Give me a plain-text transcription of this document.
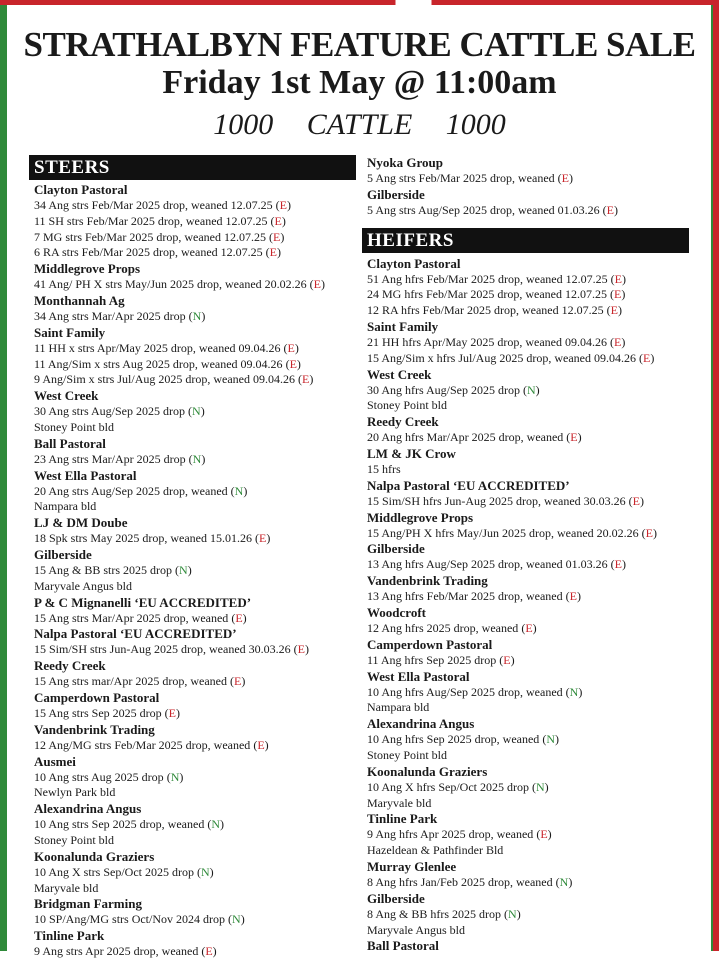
STRATHALBYN FEATURE CATTLE SALE
Friday 1st May @ 11:00am
1000 CATTLE 1000
STEERS
Clayton Pastoral
34 Ang strs Feb/Mar 2025 drop, weaned 12.07.25 (E)
11 SH strs Feb/Mar 2025 drop, weaned 12.07.25 (E)
7 MG strs Feb/Mar 2025 drop, weaned 12.07.25 (E)
6 RA strs Feb/Mar 2025 drop, weaned 12.07.25 (E)
Middlegrove Props
41 Ang/ PH X strs May/Jun 2025 drop, weaned 20.02.26 (E)
Monthannah Ag
34 Ang strs Mar/Apr 2025 drop (N)
Saint Family
11 HH x strs Apr/May 2025 drop, weaned 09.04.26 (E)
11 Ang/Sim x strs Aug 2025 drop, weaned 09.04.26 (E)
9 Ang/Sim x strs Jul/Aug 2025 drop, weaned 09.04.26 (E)
West Creek
30 Ang strs Aug/Sep 2025 drop (N)
Stoney Point bld
Ball Pastoral
23 Ang strs Mar/Apr 2025 drop (N)
West Ella Pastoral
20 Ang strs Aug/Sep 2025 drop, weaned (N)
Nampara bld
LJ & DM Doube
18 Spk strs May 2025 drop, weaned 15.01.26 (E)
Gilberside
15 Ang & BB strs 2025 drop (N)
Maryvale Angus bld
P & C Mignanelli ‘EU ACCREDITED’
15 Ang strs Mar/Apr 2025 drop, weaned (E)
Nalpa Pastoral ‘EU ACCREDITED’
15 Sim/SH strs Jun-Aug 2025 drop, weaned 30.03.26 (E)
Reedy Creek
15 Ang strs mar/Apr 2025 drop, weaned (E)
Camperdown Pastoral
15 Ang strs Sep 2025 drop (E)
Vandenbrink Trading
12 Ang/MG strs Feb/Mar 2025 drop, weaned (E)
Ausmei
10 Ang strs Aug 2025 drop (N)
Newlyn Park bld
Alexandrina Angus
10 Ang strs Sep 2025 drop, weaned (N)
Stoney Point bld
Koonalunda Graziers
10 Ang X strs Sep/Oct 2025 drop (N)
Maryvale bld
Bridgman Farming
10 SP/Ang/MG strs Oct/Nov 2024 drop (N)
Tinline Park
9 Ang strs Apr 2025 drop, weaned (E)
Nyoka Group
5 Ang strs Feb/Mar 2025 drop, weaned (E)
Gilberside
5 Ang strs Aug/Sep 2025 drop, weaned 01.03.26 (E)
HEIFERS
Clayton Pastoral
51 Ang hfrs Feb/Mar 2025 drop, weaned 12.07.25 (E)
24 MG hfrs Feb/Mar 2025 drop, weaned 12.07.25 (E)
12 RA hfrs Feb/Mar 2025 drop, weaned 12.07.25 (E)
Saint Family
21 HH hfrs Apr/May 2025 drop, weaned 09.04.26 (E)
15 Ang/Sim x hfrs Jul/Aug 2025 drop, weaned 09.04.26 (E)
West Creek
30 Ang hfrs Aug/Sep 2025 drop (N)
Stoney Point bld
Reedy Creek
20 Ang hfrs Mar/Apr 2025 drop, weaned (E)
LM & JK Crow
15 hfrs
Nalpa Pastoral ‘EU ACCREDITED’
15 Sim/SH hfrs Jun-Aug 2025 drop, weaned 30.03.26 (E)
Middlegrove Props
15 Ang/PH X hfrs May/Jun 2025 drop, weaned 20.02.26 (E)
Gilberside
13 Ang hfrs Aug/Sep 2025 drop, weaned 01.03.26 (E)
Vandenbrink Trading
13 Ang hfrs Feb/Mar 2025 drop, weaned (E)
Woodcroft
12 Ang hfrs 2025 drop, weaned (E)
Camperdown Pastoral
11 Ang hfrs Sep 2025 drop (E)
West Ella Pastoral
10 Ang hfrs Aug/Sep 2025 drop, weaned (N)
Nampara bld
Alexandrina Angus
10 Ang hfrs Sep 2025 drop, weaned (N)
Stoney Point bld
Koonalunda Graziers
10 Ang X hfrs Sep/Oct 2025 drop (N)
Maryvale bld
Tinline Park
9 Ang hfrs Apr 2025 drop, weaned (E)
Hazeldean & Pathfinder Bld
Murray Glenlee
8 Ang hfrs Jan/Feb 2025 drop, weaned (N)
Gilberside
8 Ang & BB hfrs 2025 drop (N)
Maryvale Angus bld
Ball Pastoral
